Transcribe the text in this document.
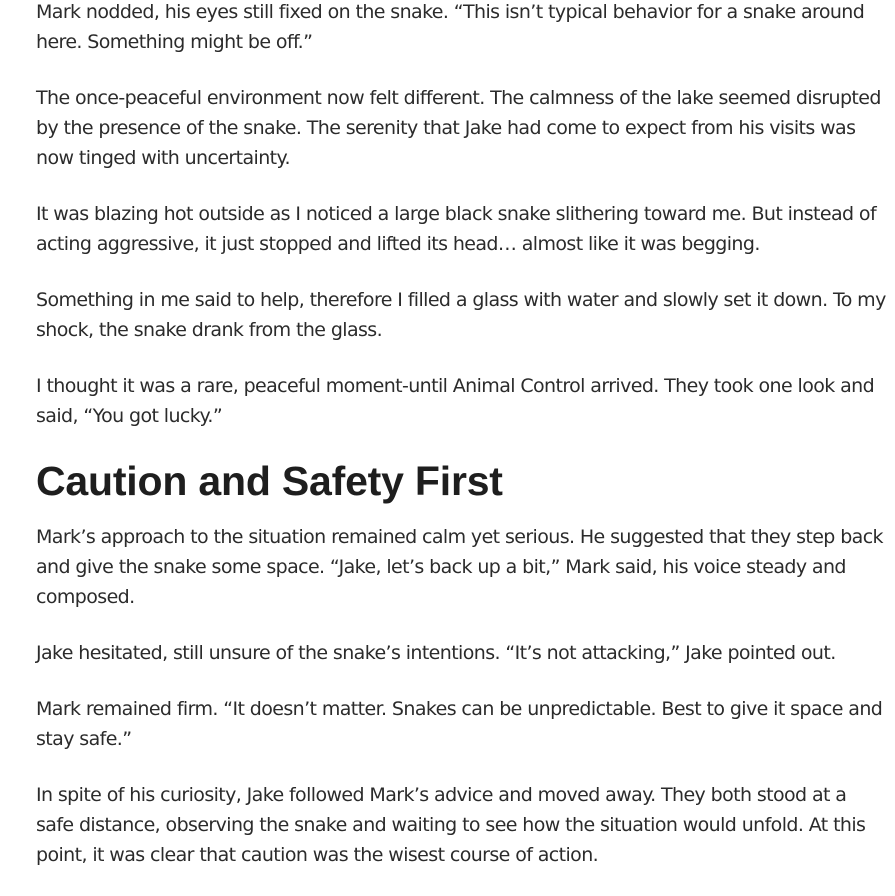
Mark nodded, his eyes still fixed on the snake. “This isn’t typical behavior for a snake around here. Something might be off.”

The once-peaceful environment now felt different. The calmness of the lake seemed disrupted by the presence of the snake. The serenity that Jake had come to expect from his visits was now tinged with uncertainty.

It was blazing hot outside as I noticed a large black snake slithering toward me. But instead of acting aggressive, it just stopped and lifted its head… almost like it was begging.

Something in me said to help, therefore I filled a glass with water and slowly set it down. To my shock, the snake drank from the glass.

I thought it was a rare, peaceful moment-until Animal Control arrived. They took one look and said, “You got lucky.”

Caution and Safety First

Mark’s approach to the situation remained calm yet serious. He suggested that they step back and give the snake some space. “Jake, let’s back up a bit,” Mark said, his voice steady and composed.

Jake hesitated, still unsure of the snake’s intentions. “It’s not attacking,” Jake pointed out.

Mark remained firm. “It doesn’t matter. Snakes can be unpredictable. Best to give it space and stay safe.”

In spite of his curiosity, Jake followed Mark’s advice and moved away. They both stood at a safe distance, observing the snake and waiting to see how the situation would unfold. At this point, it was clear that caution was the wisest course of action.
